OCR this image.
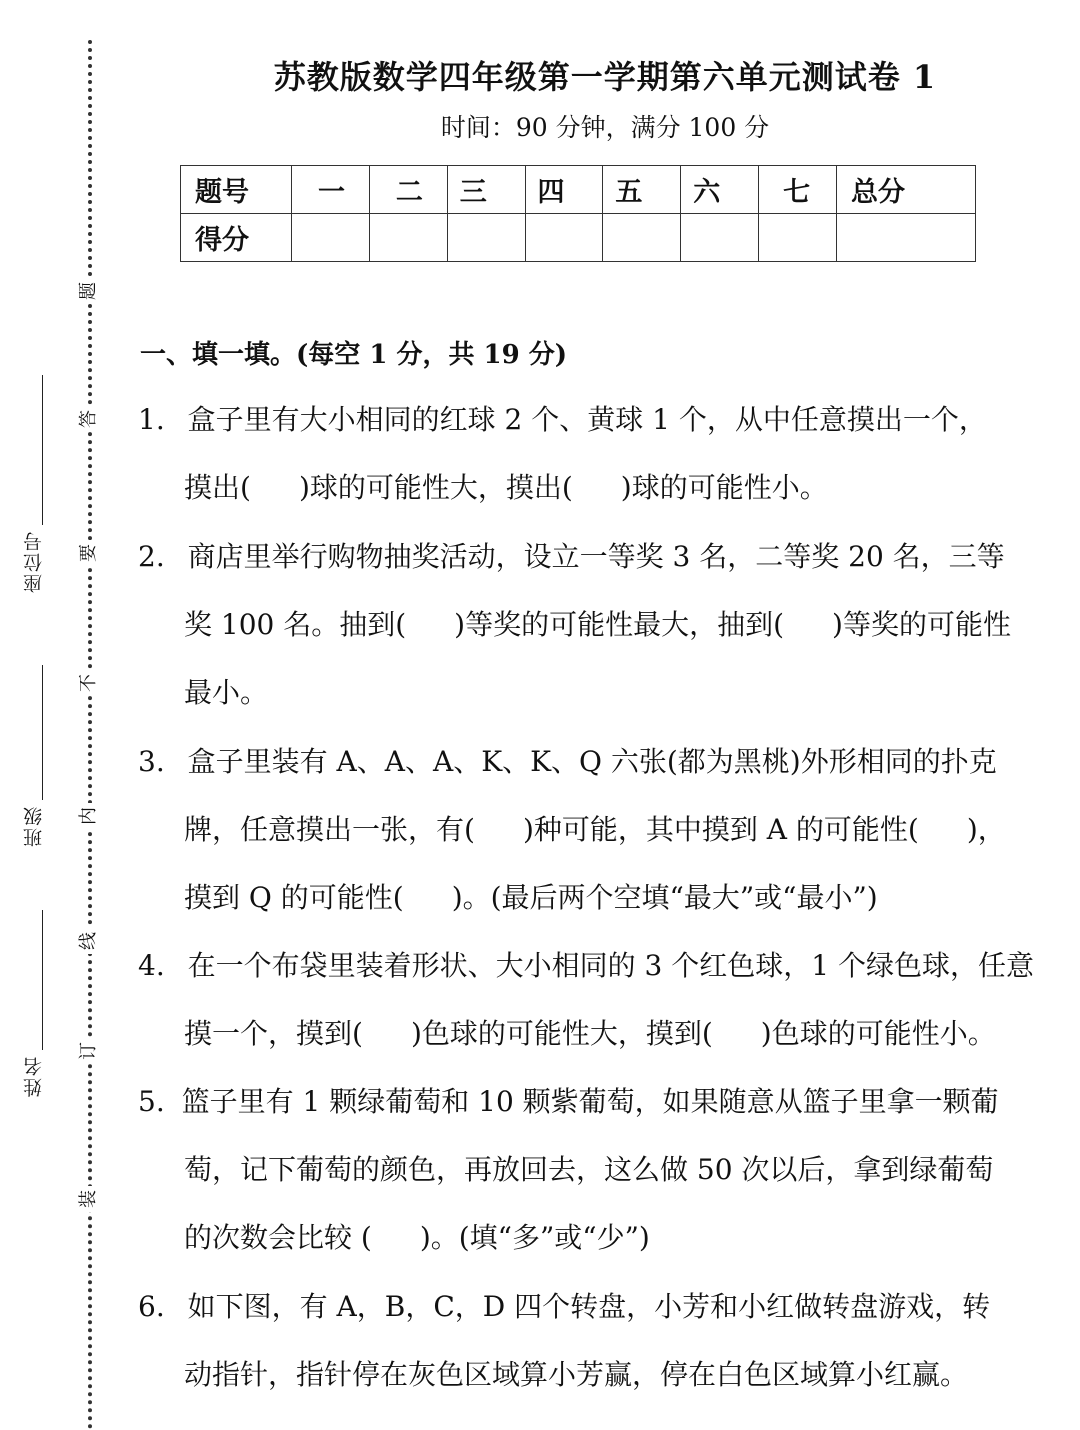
姓名
班级
座位号
装
订
线
内
不
要
答
题
苏教版数学四年级第一学期第六单元测试卷 1
时间：90 分钟，满分 100 分
题号	一	二	三	四	五	六	七	总分
得分								
一、填一填。(每空 1 分，共 19 分)
1. 盒子里有大小相同的红球 2 个、黄球 1 个，从中任意摸出一个，
摸出( )球的可能性大，摸出( )球的可能性小。
2. 商店里举行购物抽奖活动，设立一等奖 3 名，二等奖 20 名，三等
奖 100 名。抽到( )等奖的可能性最大，抽到( )等奖的可能性
最小。
3. 盒子里装有 A、A、A、K、K、Q 六张(都为黑桃)外形相同的扑克
牌，任意摸出一张，有( )种可能，其中摸到 A 的可能性( )，
摸到 Q 的可能性( )。(最后两个空填“最大”或“最小”)
4. 在一个布袋里装着形状、大小相同的 3 个红色球，1 个绿色球，任意
摸一个，摸到( )色球的可能性大，摸到( )色球的可能性小。
5. 篮子里有 1 颗绿葡萄和 10 颗紫葡萄，如果随意从篮子里拿一颗葡
萄，记下葡萄的颜色，再放回去，这么做 50 次以后，拿到绿葡萄
的次数会比较 ( )。(填“多”或“少”)
6. 如下图，有 A，B，C，D 四个转盘，小芳和小红做转盘游戏，转
动指针，指针停在灰色区域算小芳赢，停在白色区域算小红赢。
